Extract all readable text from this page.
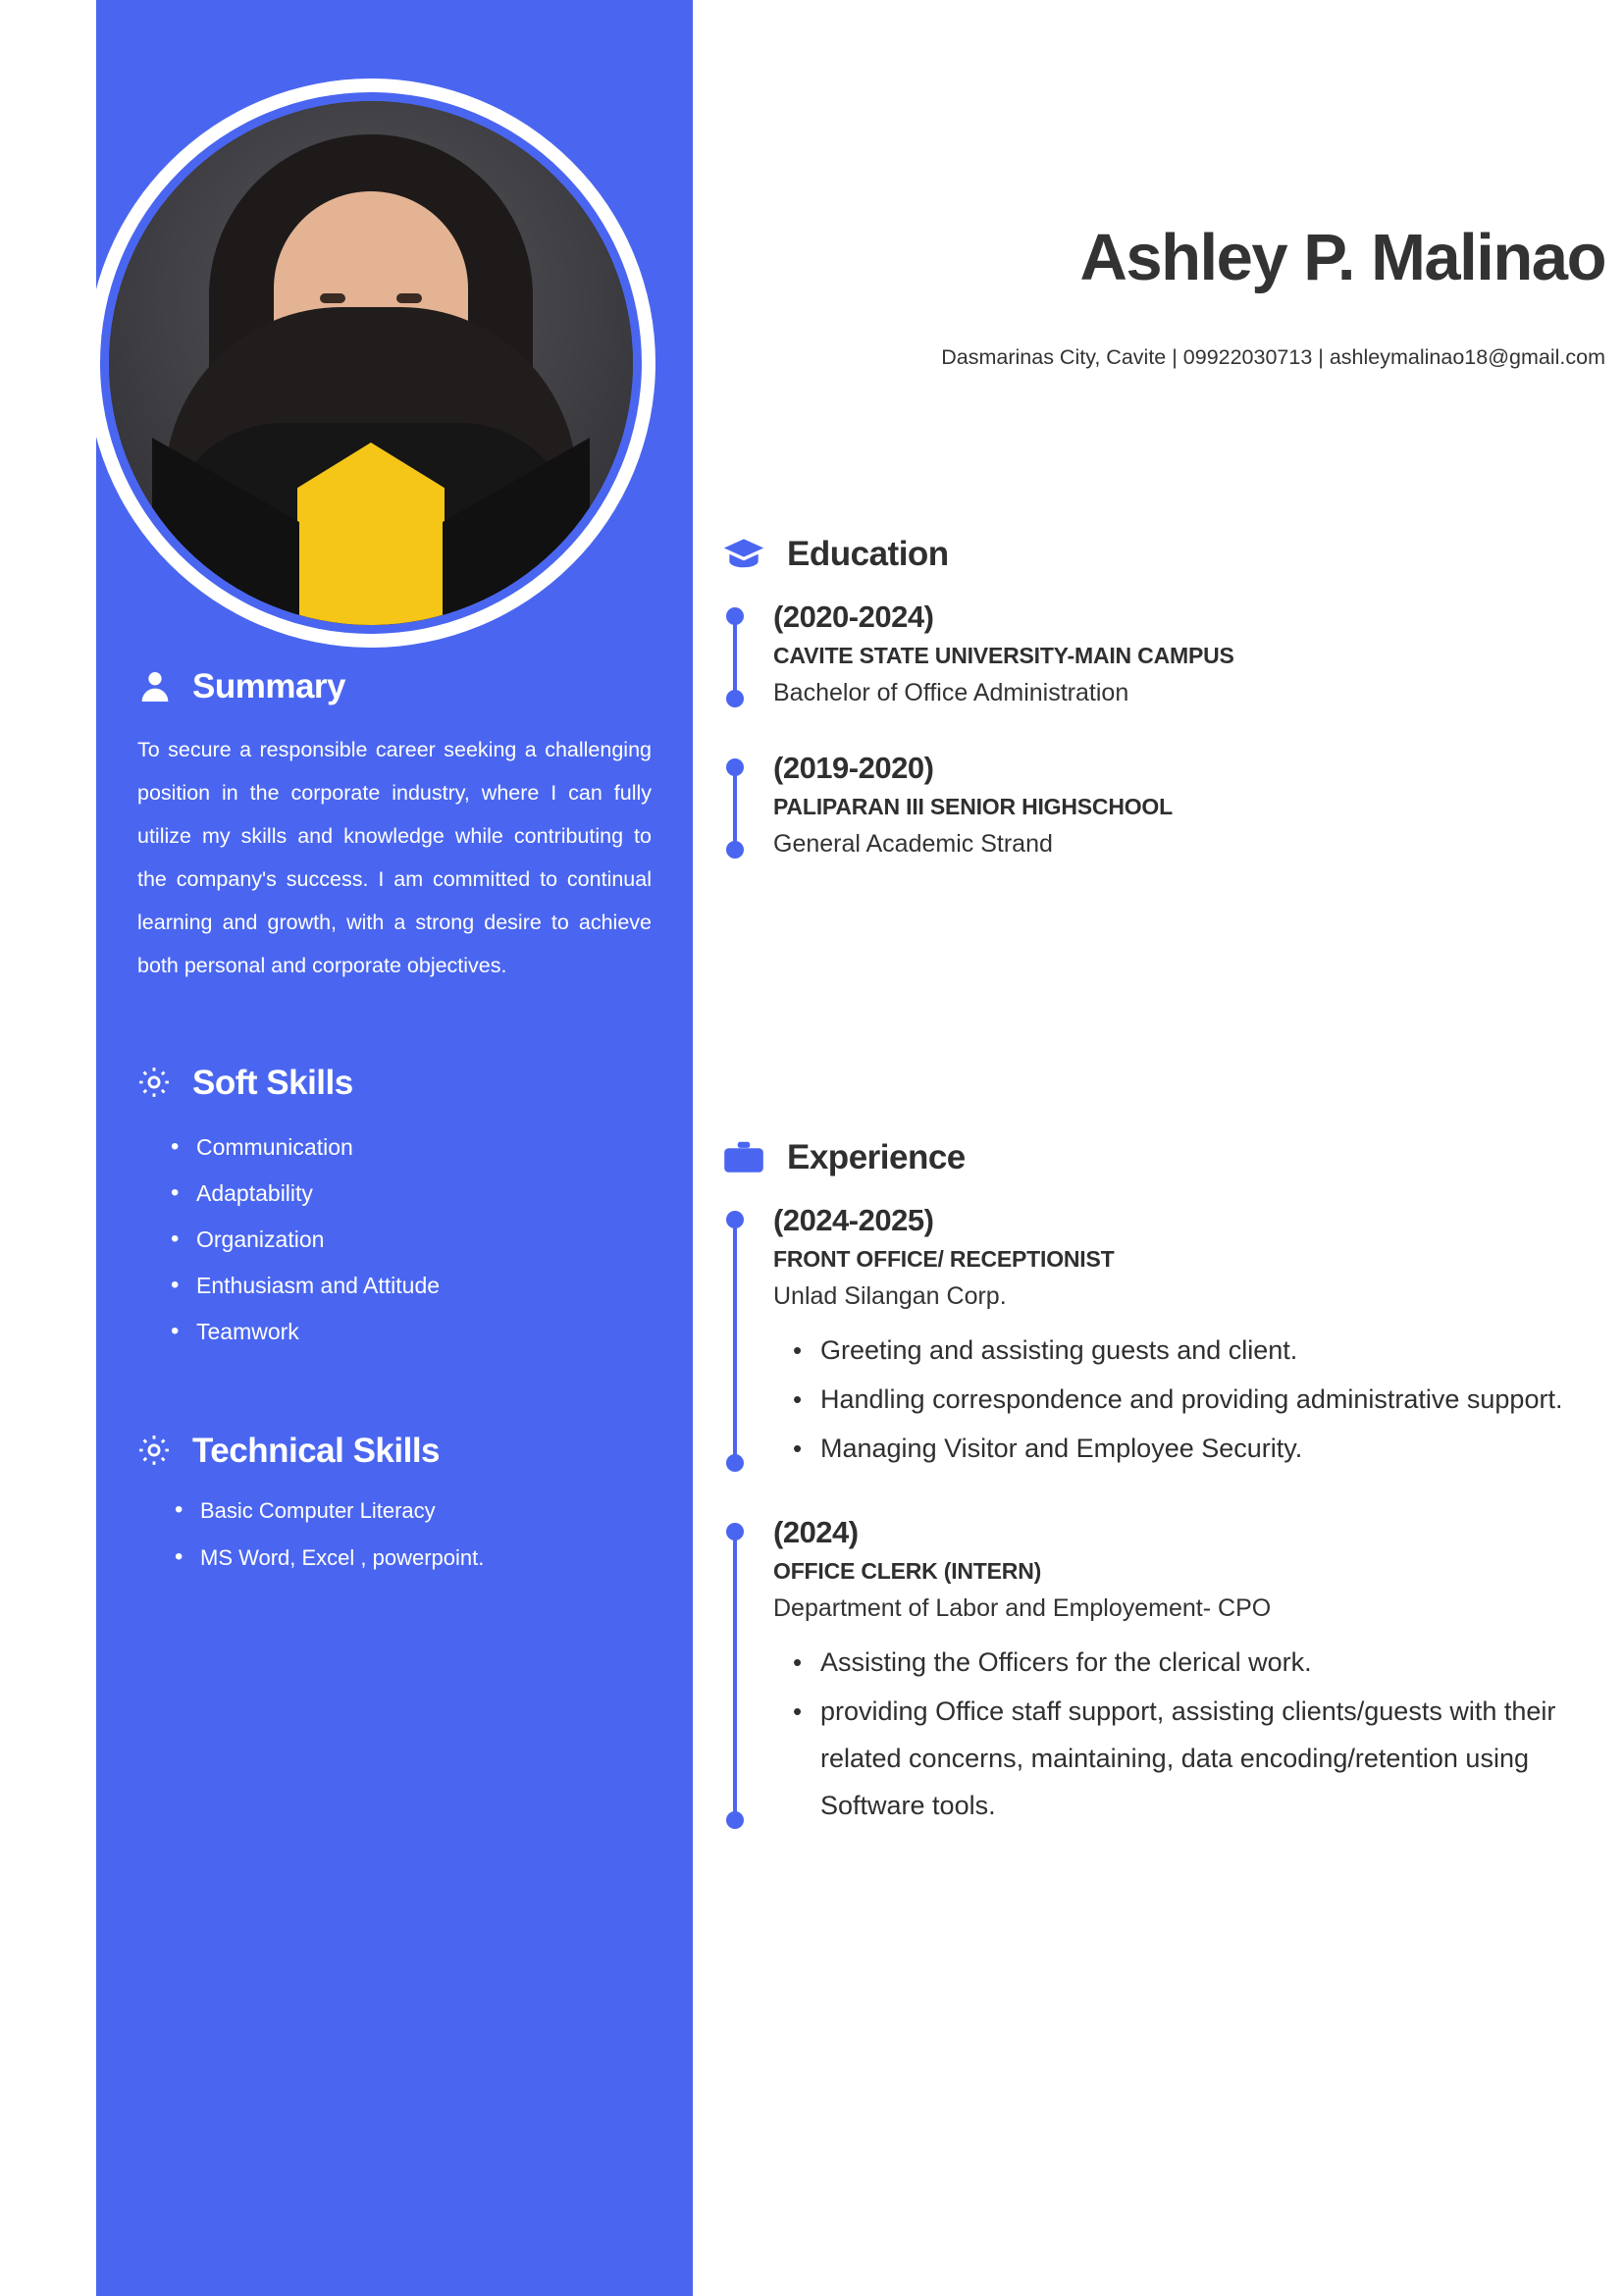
Ashley P. Malinao
Dasmarinas City, Cavite | 09922030713 | ashleymalinao18@gmail.com
Summary
To secure a responsible career seeking a challenging position in the corporate industry, where I can fully utilize my skills and knowledge while contributing to the company's success. I am committed to continual learning and growth, with a strong desire to achieve both personal and corporate objectives.
Soft Skills
• Communication
• Adaptability
• Organization
• Enthusiasm and Attitude
• Teamwork
Technical Skills
• Basic Computer Literacy
• MS Word, Excel , powerpoint.
Education
(2020-2024)
CAVITE STATE UNIVERSITY-MAIN CAMPUS
Bachelor of Office Administration
(2019-2020)
PALIPARAN III SENIOR HIGHSCHOOL
General Academic Strand
Experience
(2024-2025)
FRONT OFFICE/ RECEPTIONIST
Unlad Silangan Corp.
• Greeting and assisting guests and client.
• Handling correspondence and providing administrative support.
• Managing Visitor and Employee Security.
(2024)
OFFICE CLERK (INTERN)
Department of Labor and Employement- CPO
• Assisting the Officers for the clerical work.
• providing Office staff support, assisting clients/guests with their related concerns, maintaining, data encoding/retention using Software tools.
